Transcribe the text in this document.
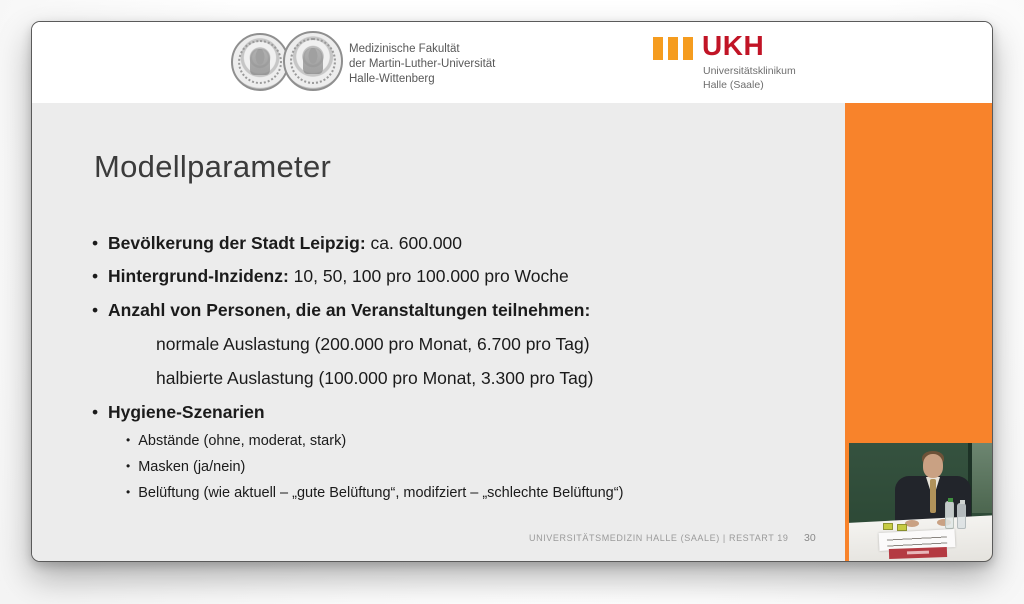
Medizinische Fakultät
der Martin-Luther-Universität
Halle-Wittenberg
UKH
Universitätsklinikum
Halle (Saale)
Modellparameter
• Bevölkerung der Stadt Leipzig: ca. 600.000
• Hintergrund-Inzidenz: 10, 50, 100 pro 100.000 pro Woche
• Anzahl von Personen, die an Veranstaltungen teilnehmen:
normale Auslastung (200.000 pro Monat, 6.700 pro Tag)
halbierte Auslastung (100.000 pro Monat, 3.300 pro Tag)
• Hygiene-Szenarien
• Abstände (ohne, moderat, stark)
• Masken (ja/nein)
• Belüftung (wie aktuell – „gute Belüftung“, modifziert – „schlechte Belüftung“)
UNIVERSITÄTSMEDIZIN HALLE (SAALE) | RESTART 19 30
